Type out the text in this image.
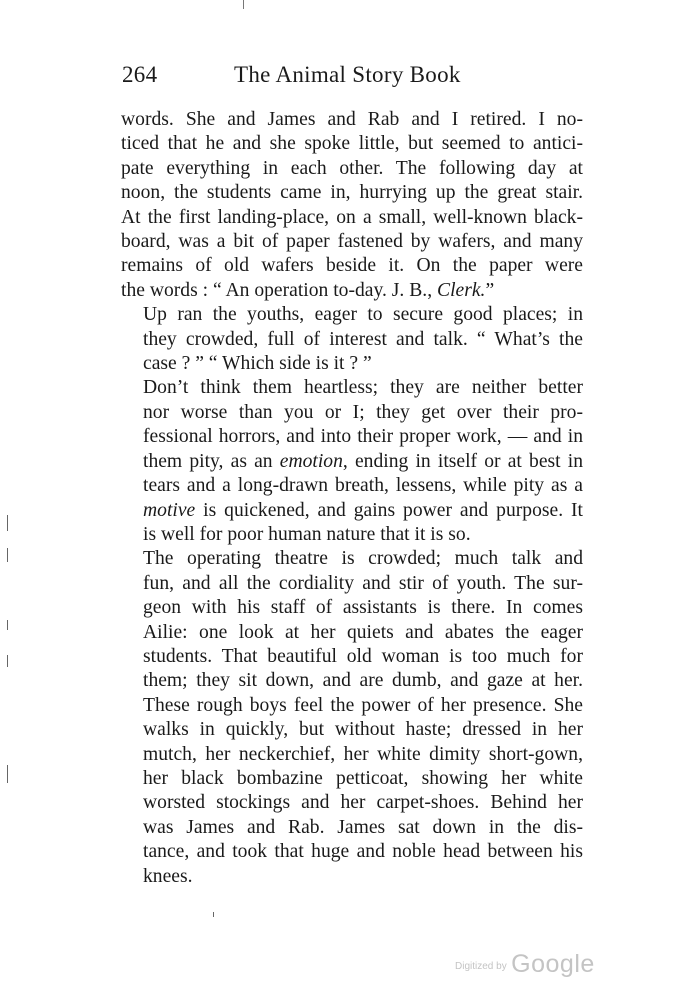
264	The Animal Story Book

words. She and James and Rab and I retired. I no-
ticed that he and she spoke little, but seemed to antici-
pate everything in each other. The following day at
noon, the students came in, hurrying up the great stair.
At the first landing-place, on a small, well-known black-
board, was a bit of paper fastened by wafers, and many
remains of old wafers beside it. On the paper were
the words : “ An operation to-day. J. B., Clerk.”

Up ran the youths, eager to secure good places; in
they crowded, full of interest and talk. “ What’s the
case ? ” “ Which side is it ? ”

Don’t think them heartless; they are neither better
nor worse than you or I; they get over their pro-
fessional horrors, and into their proper work, — and in
them pity, as an emotion, ending in itself or at best in
tears and a long-drawn breath, lessens, while pity as a
motive is quickened, and gains power and purpose. It
is well for poor human nature that it is so.

The operating theatre is crowded; much talk and
fun, and all the cordiality and stir of youth. The sur-
geon with his staff of assistants is there. In comes
Ailie: one look at her quiets and abates the eager
students. That beautiful old woman is too much for
them; they sit down, and are dumb, and gaze at her.
These rough boys feel the power of her presence. She
walks in quickly, but without haste; dressed in her
mutch, her neckerchief, her white dimity short-gown,
her black bombazine petticoat, showing her white
worsted stockings and her carpet-shoes. Behind her
was James and Rab. James sat down in the dis-
tance, and took that huge and noble head between his
knees.

Digitized by Google
